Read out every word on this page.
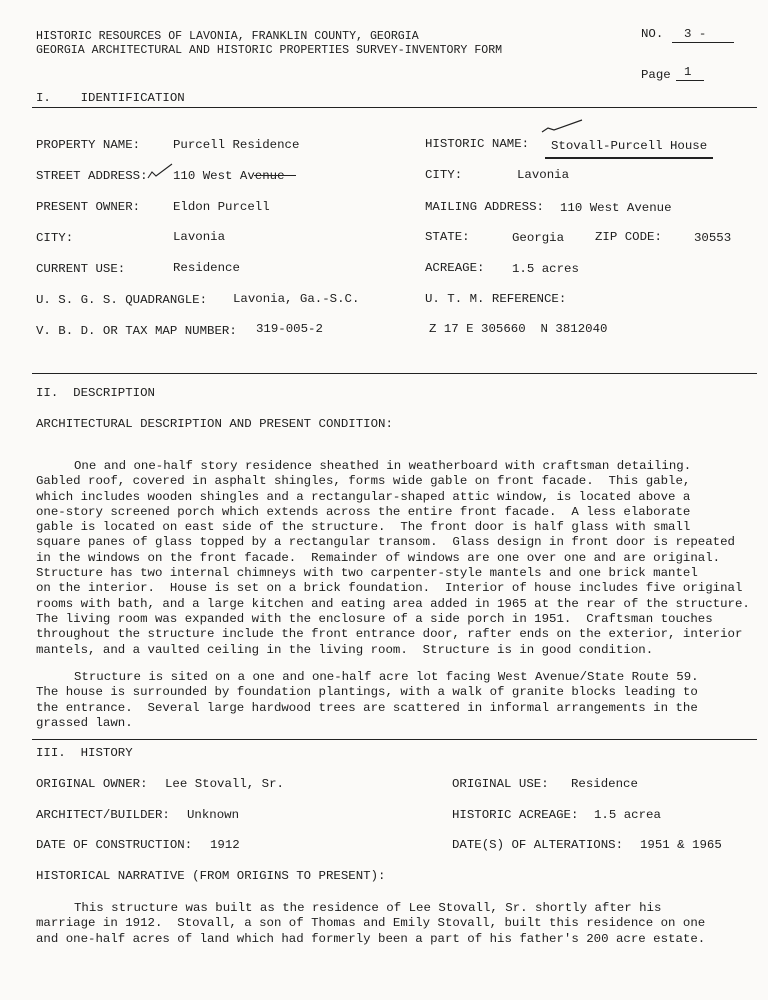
HISTORIC RESOURCES OF LAVONIA, FRANKLIN COUNTY, GEORGIA
GEORGIA ARCHITECTURAL AND HISTORIC PROPERTIES SURVEY-INVENTORY FORM
NO. 3 -
Page 1
I.    IDENTIFICATION
PROPERTY NAME:	Purcell Residence	HISTORIC NAME: Stovall-Purcell House
STREET ADDRESS: 110 West Avenue	CITY:	Lavonia
PRESENT OWNER:	Eldon Purcell	MAILING ADDRESS: 110 West Avenue
CITY:	Lavonia	STATE:	Georgia ZIP CODE:	30553
CURRENT USE:	Residence	ACREAGE: 1.5 acres
U. S. G. S. QUADRANGLE: Lavonia, Ga.-S.C.	U. T. M. REFERENCE:
V. B. D. OR TAX MAP NUMBER: 319-005-2	Z 17 E 305660  N 3812040
II.  DESCRIPTION
ARCHITECTURAL DESCRIPTION AND PRESENT CONDITION:
One and one-half story residence sheathed in weatherboard with craftsman detailing.
Gabled roof, covered in asphalt shingles, forms wide gable on front facade.  This gable,
which includes wooden shingles and a rectangular-shaped attic window, is located above a
one-story screened porch which extends across the entire front facade.  A less elaborate
gable is located on east side of the structure.  The front door is half glass with small
square panes of glass topped by a rectangular transom.  Glass design in front door is repeated
in the windows on the front facade.  Remainder of windows are one over one and are original.
Structure has two internal chimneys with two carpenter-style mantels and one brick mantel
on the interior.  House is set on a brick foundation.  Interior of house includes five original
rooms with bath, and a large kitchen and eating area added in 1965 at the rear of the structure.
The living room was expanded with the enclosure of a side porch in 1951.  Craftsman touches
throughout the structure include the front entrance door, rafter ends on the exterior, interior
mantels, and a vaulted ceiling in the living room.  Structure is in good condition.
Structure is sited on a one and one-half acre lot facing West Avenue/State Route 59.
The house is surrounded by foundation plantings, with a walk of granite blocks leading to
the entrance.  Several large hardwood trees are scattered in informal arrangements in the
grassed lawn.
III.  HISTORY
ORIGINAL OWNER: Lee Stovall, Sr.	ORIGINAL USE: Residence
ARCHITECT/BUILDER: Unknown	HISTORIC ACREAGE: 1.5 acrea
DATE OF CONSTRUCTION: 1912	DATE(S) OF ALTERATIONS: 1951 & 1965
HISTORICAL NARRATIVE (FROM ORIGINS TO PRESENT):
This structure was built as the residence of Lee Stovall, Sr. shortly after his
marriage in 1912.  Stovall, a son of Thomas and Emily Stovall, built this residence on one
and one-half acres of land which had formerly been a part of his father's 200 acre estate.
